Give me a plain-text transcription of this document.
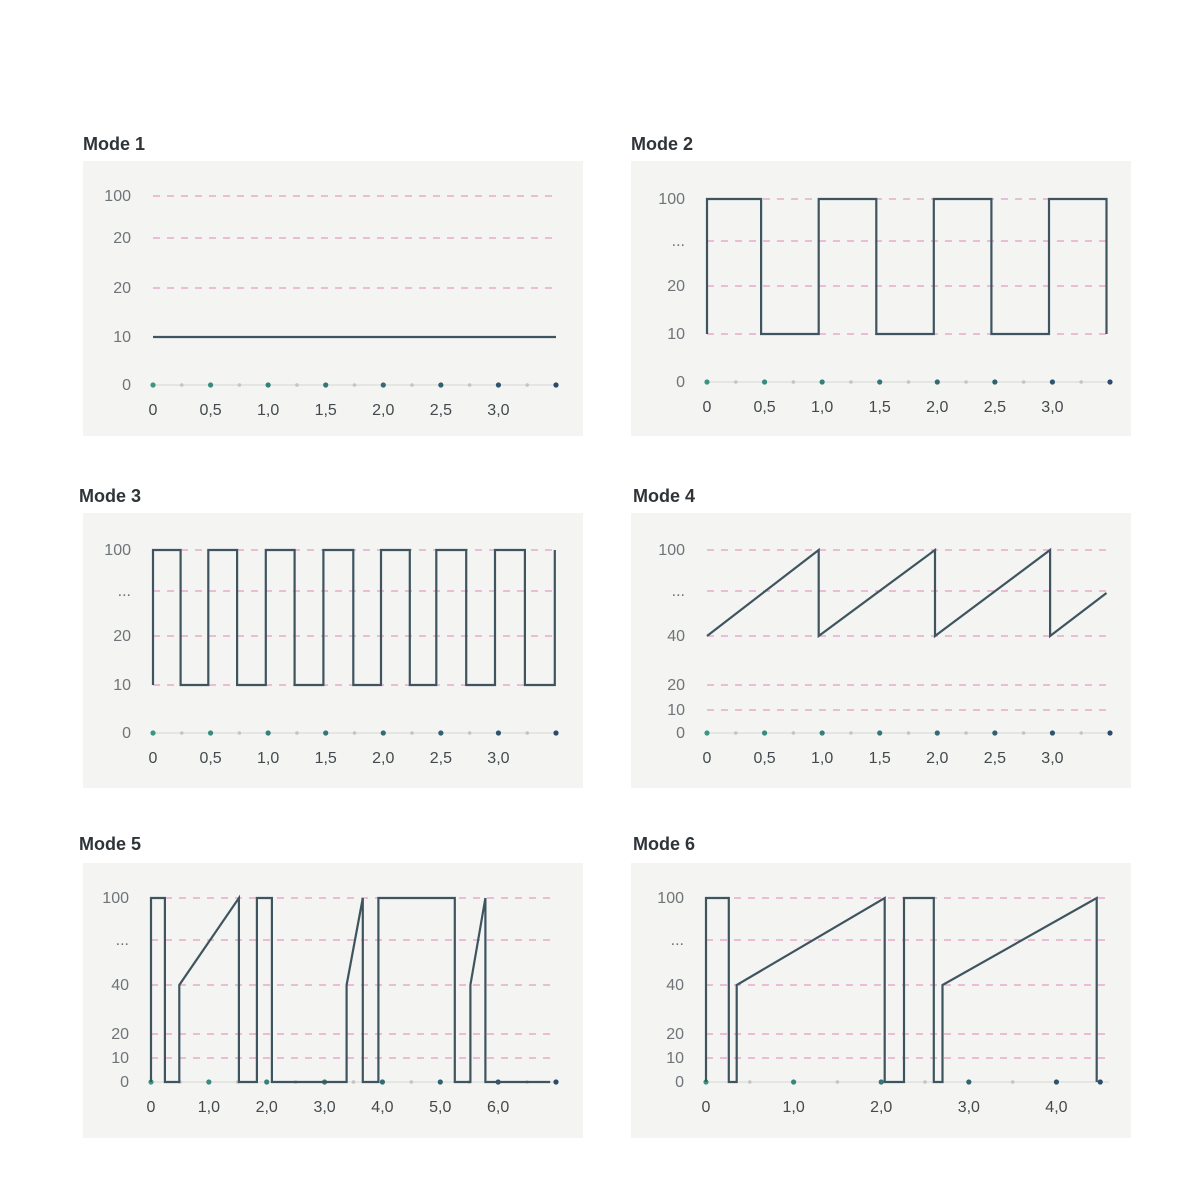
Mode 1	Mode 2
Mode 3	Mode 4
Mode 5	Mode 6
100
20
20
10
0
0	0,5 1,0 1,5 2,0 2,5 3,0
100
...
20
10
0
0	0,5 1,0 1,5 2,0 2,5 3,0
100
...
20
10
0
0	0,5 1,0 1,5 2,0 2,5 3,0
100
...
40
20
10
0
0	0,5 1,0 1,5 2,0 2,5 3,0
100
...
40
20
10
0
0	1,0 2,0 3,0 4,0 5,0 6,0
100
...
40
20
10
0
0	1,0	2,0	3,0	4,0
